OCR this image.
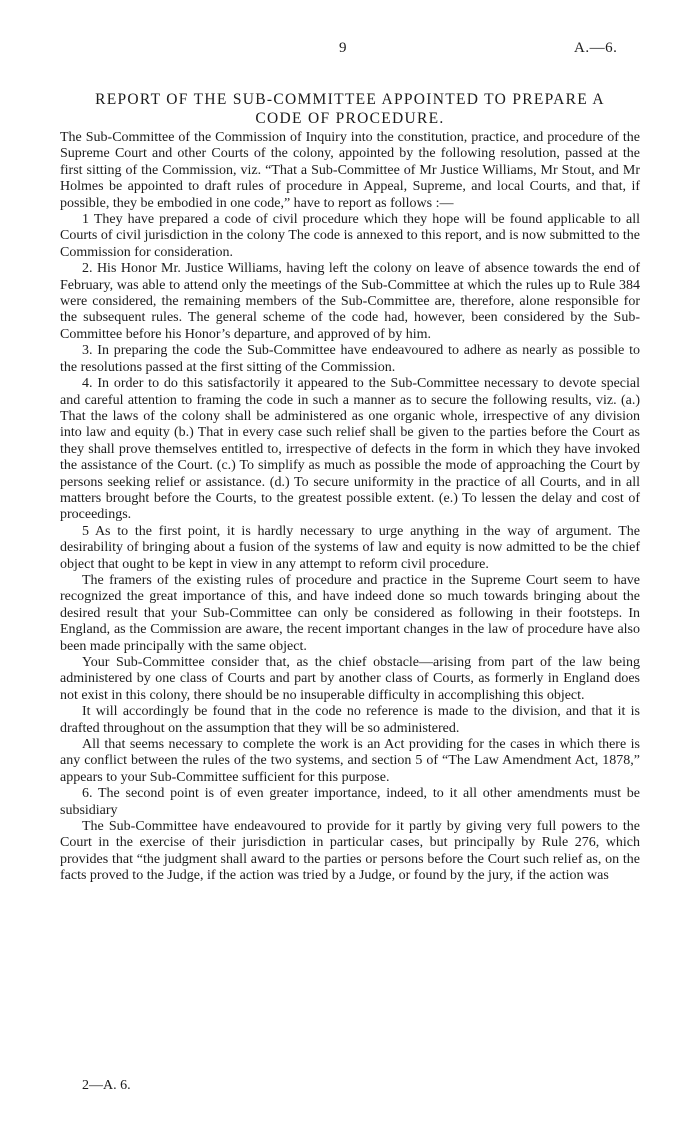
9	A.—6.
REPORT OF THE SUB-COMMITTEE APPOINTED TO PREPARE A
CODE OF PROCEDURE.

The Sub-Committee of the Commission of Inquiry into the constitution, practice, and procedure of the Supreme Court and other Courts of the colony, appointed by the following resolution, passed at the first sitting of the Commission, viz. “That a Sub-Committee of Mr Justice Williams, Mr Stout, and Mr Holmes be appointed to draft rules of procedure in Appeal, Supreme, and local Courts, and that, if possible, they be embodied in one code,” have to report as follows :—

1 They have prepared a code of civil procedure which they hope will be found applicable to all Courts of civil jurisdiction in the colony The code is annexed to this report, and is now submitted to the Commission for consideration.

2. His Honor Mr. Justice Williams, having left the colony on leave of absence towards the end of February, was able to attend only the meetings of the Sub-Committee at which the rules up to Rule 384 were considered, the remaining members of the Sub-Committee are, therefore, alone responsible for the subsequent rules. The general scheme of the code had, however, been considered by the Sub-Committee before his Honor’s departure, and approved of by him.

3. In preparing the code the Sub-Committee have endeavoured to adhere as nearly as possible to the resolutions passed at the first sitting of the Commission.

4. In order to do this satisfactorily it appeared to the Sub-Committee necessary to devote special and careful attention to framing the code in such a manner as to secure the following results, viz. (a.) That the laws of the colony shall be administered as one organic whole, irrespective of any division into law and equity (b.) That in every case such relief shall be given to the parties before the Court as they shall prove themselves entitled to, irrespective of defects in the form in which they have invoked the assistance of the Court. (c.) To simplify as much as possible the mode of approaching the Court by persons seeking relief or assistance. (d.) To secure uniformity in the practice of all Courts, and in all matters brought before the Courts, to the greatest possible extent. (e.) To lessen the delay and cost of proceedings.

5 As to the first point, it is hardly necessary to urge anything in the way of argument. The desirability of bringing about a fusion of the systems of law and equity is now admitted to be the chief object that ought to be kept in view in any attempt to reform civil procedure.

The framers of the existing rules of procedure and practice in the Supreme Court seem to have recognized the great importance of this, and have indeed done so much towards bringing about the desired result that your Sub-Committee can only be considered as following in their footsteps. In England, as the Commission are aware, the recent important changes in the law of procedure have also been made principally with the same object.

Your Sub-Committee consider that, as the chief obstacle—arising from part of the law being administered by one class of Courts and part by another class of Courts, as formerly in England does not exist in this colony, there should be no insuperable difficulty in accomplishing this object.

It will accordingly be found that in the code no reference is made to the division, and that it is drafted throughout on the assumption that they will be so administered.

All that seems necessary to complete the work is an Act providing for the cases in which there is any conflict between the rules of the two systems, and section 5 of “The Law Amendment Act, 1878,” appears to your Sub-Committee sufficient for this purpose.

6. The second point is of even greater importance, indeed, to it all other amendments must be subsidiary

The Sub-Committee have endeavoured to provide for it partly by giving very full powers to the Court in the exercise of their jurisdiction in particular cases, but principally by Rule 276, which provides that “the judgment shall award to the parties or persons before the Court such relief as, on the facts proved to the Judge, if the action was tried by a Judge, or found by the jury, if the action was

2—A. 6.
